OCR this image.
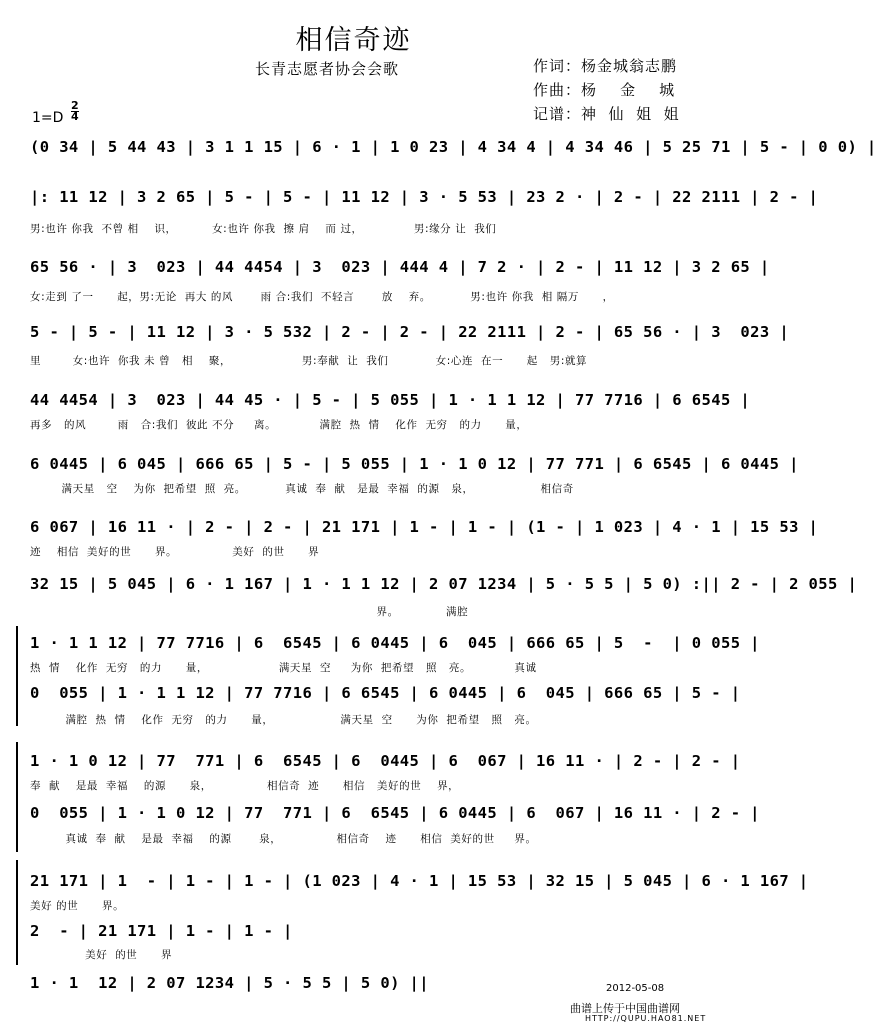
相信奇迹
长青志愿者协会会歌	作词：杨金城翁志鹏
作曲：杨    金    城
记谱：神  仙  姐  姐
1=D
2
4
(0 34 | 5 44 43 | 3 1 1 15 | 6 · 1 | 1 0 23 | 4 34 4 | 4 34 46 | 5 25 71 | 5 - | 0 0) |
|: 11 12 | 3 2 65 | 5 - | 5 - | 11 12 | 3 · 5 53 | 23 2 · | 2 - | 22 2111 | 2 - |
男:也许 你我  不曾 相    识，         女:也许 你我  擦 肩    而 过，             男:缘分 让  我们
65 56 · | 3  023 | 44 4454 | 3  023 | 444 4 | 7 2 · | 2 - | 11 12 | 3 2 65 |
女:走到 了一      起，男:无论  再大 的风       雨 合:我们  不轻言       放    弃。          男:也许 你我  相 隔万      ，
5 - | 5 - | 11 12 | 3 · 5 532 | 2 - | 2 - | 22 2111 | 2 - | 65 56 · | 3  023 |
里        女:也许  你我 未 曾   相    聚，                  男:奉献  让  我们            女:心连  在一      起   男:就算
44 4454 | 3  023 | 44 45 · | 5 - | 5 055 | 1 · 1 1 12 | 77 7716 | 6 6545 |
再多   的风        雨   合:我们  彼此 不分     离。           满腔  热  情    化作  无穷   的力      量，
6 0445 | 6 045 | 666 65 | 5 - | 5 055 | 1 · 1 0 12 | 77 771 | 6 6545 | 6 0445 |
满天星   空    为你  把希望  照  亮。          真诚  奉  献   是最  幸福  的源   泉，                 相信奇
6 067 | 16 11 · | 2 - | 2 - | 21 171 | 1 - | 1 - | (1 - | 1 023 | 4 · 1 | 15 53 |
迹    相信  美好的世      界。              美好  的世      界
32 15 | 5 045 | 6 · 1 167 | 1 · 1 1 12 | 2 07 1234 | 5 · 5 5 | 5 0) :|| 2 - | 2 055 |
界。            满腔
1 · 1 1 12 | 77 7716 | 6  6545 | 6 0445 | 6  045 | 666 65 | 5  -  | 0 055 |
热  情    化作  无穷   的力      量，                  满天星  空     为你  把希望   照   亮。           真诚
0  055 | 1 · 1 1 12 | 77 7716 | 6 6545 | 6 0445 | 6  045 | 666 65 | 5 - |
满腔  热  情    化作  无穷   的力      量，                 满天星  空      为你  把希望   照   亮。
1 · 1 0 12 | 77  771 | 6  6545 | 6  0445 | 6  067 | 16 11 · | 2 - | 2 - |
奉  献    是最  幸福    的源      泉，              相信奇  迹      相信   美好的世    界，
0  055 | 1 · 1 0 12 | 77  771 | 6  6545 | 6 0445 | 6  067 | 16 11 · | 2 - |
真诚  奉  献    是最  幸福    的源       泉，              相信奇    迹      相信  美好的世     界。
21 171 | 1  - | 1 - | 1 - | (1 023 | 4 · 1 | 15 53 | 32 15 | 5 045 | 6 · 1 167 |
美好 的世      界。
2  - | 21 171 | 1 - | 1 - |
美好  的世      界
1 · 1  12 | 2 07 1234 | 5 · 5 5 | 5 0) ||	2012-05-08
曲谱上传于中国曲谱网
HTTP://QUPU.HAO81.NET
